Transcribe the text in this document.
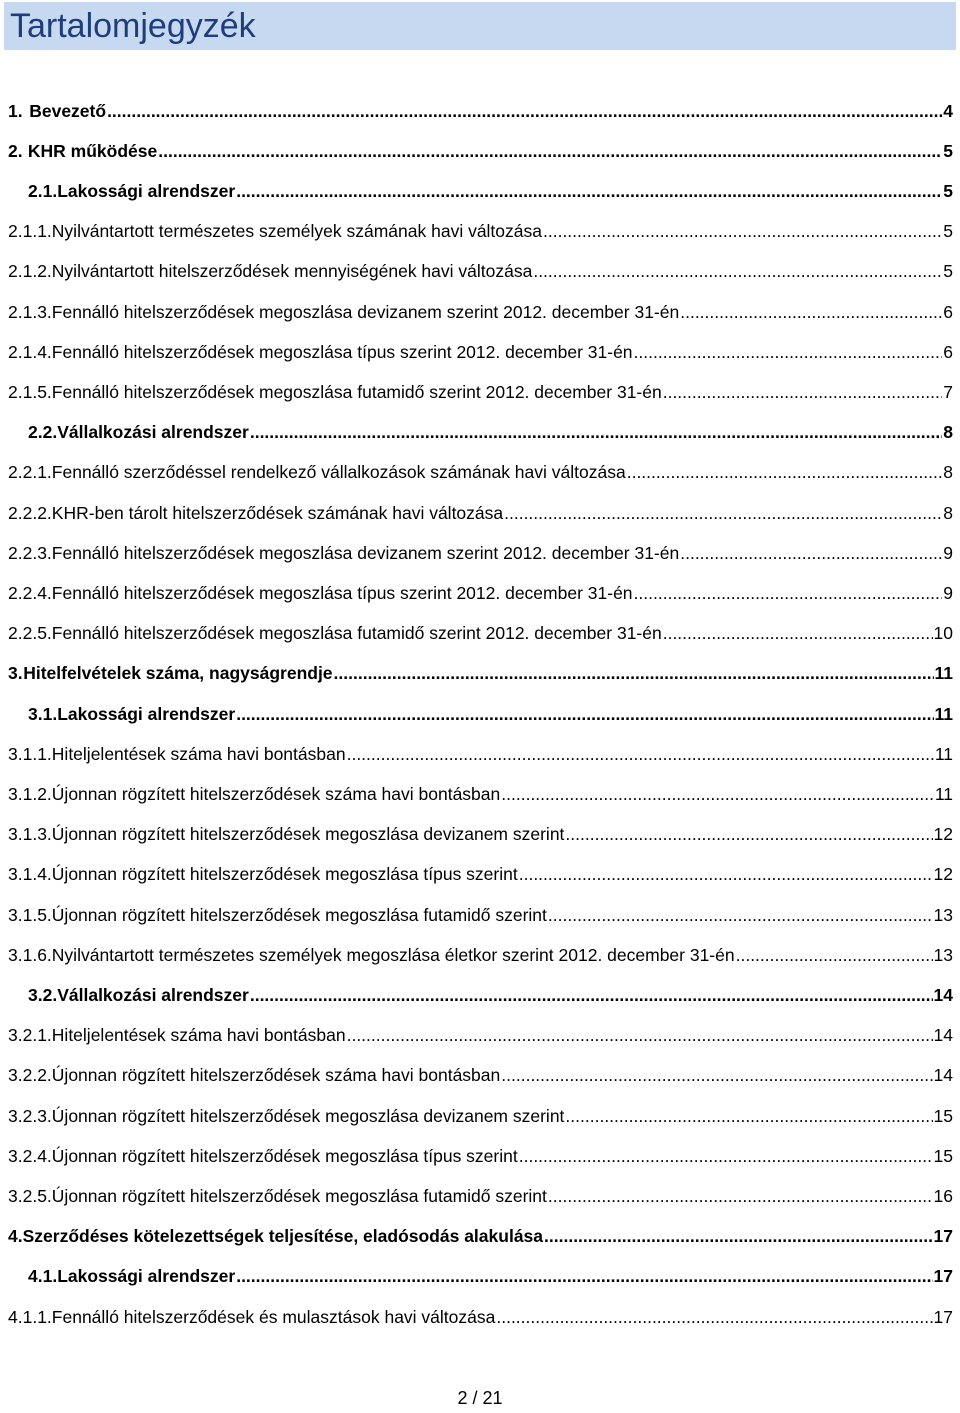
Tartalomjegyzék
1. Bevezető .....	4
2. KHR működése .....	5
2.1. Lakossági alrendszer .....	5
2.1.1. Nyilvántartott természetes személyek számának havi változása .....	5
2.1.2. Nyilvántartott hitelszerződések mennyiségének havi változása .....	5
2.1.3. Fennálló hitelszerződések megoszlása devizanem szerint 2012. december 31-én .....	6
2.1.4. Fennálló hitelszerződések megoszlása típus szerint 2012. december 31-én .....	6
2.1.5. Fennálló hitelszerződések megoszlása futamidő szerint 2012. december 31-én .....	7
2.2. Vállalkozási alrendszer .....	8
2.2.1. Fennálló szerződéssel rendelkező vállalkozások számának havi változása .....	8
2.2.2. KHR-ben tárolt hitelszerződések számának havi változása .....	8
2.2.3. Fennálló hitelszerződések megoszlása devizanem szerint 2012. december 31-én .....	9
2.2.4. Fennálló hitelszerződések megoszlása típus szerint 2012. december 31-én .....	9
2.2.5. Fennálló hitelszerződések megoszlása futamidő szerint 2012. december 31-én .....	10
3. Hitelfelvételek száma, nagyságrendje .....	11
3.1. Lakossági alrendszer .....	11
3.1.1. Hiteljelentések száma havi bontásban .....	11
3.1.2. Újonnan rögzített hitelszerződések száma havi bontásban .....	11
3.1.3. Újonnan rögzített hitelszerződések megoszlása devizanem szerint .....	12
3.1.4. Újonnan rögzített hitelszerződések megoszlása típus szerint .....	12
3.1.5. Újonnan rögzített hitelszerződések megoszlása futamidő szerint .....	13
3.1.6. Nyilvántartott természetes személyek megoszlása életkor szerint 2012. december 31-én .....	13
3.2. Vállalkozási alrendszer .....	14
3.2.1. Hiteljelentések száma havi bontásban .....	14
3.2.2. Újonnan rögzített hitelszerződések száma havi bontásban .....	14
3.2.3. Újonnan rögzített hitelszerződések megoszlása devizanem szerint .....	15
3.2.4. Újonnan rögzített hitelszerződések megoszlása típus szerint .....	15
3.2.5. Újonnan rögzített hitelszerződések megoszlása futamidő szerint .....	16
4. Szerződéses kötelezettségek teljesítése, eladósodás alakulása .....	17
4.1. Lakossági alrendszer .....	17
4.1.1. Fennálló hitelszerződések és mulasztások havi változása .....	17
2 / 21
